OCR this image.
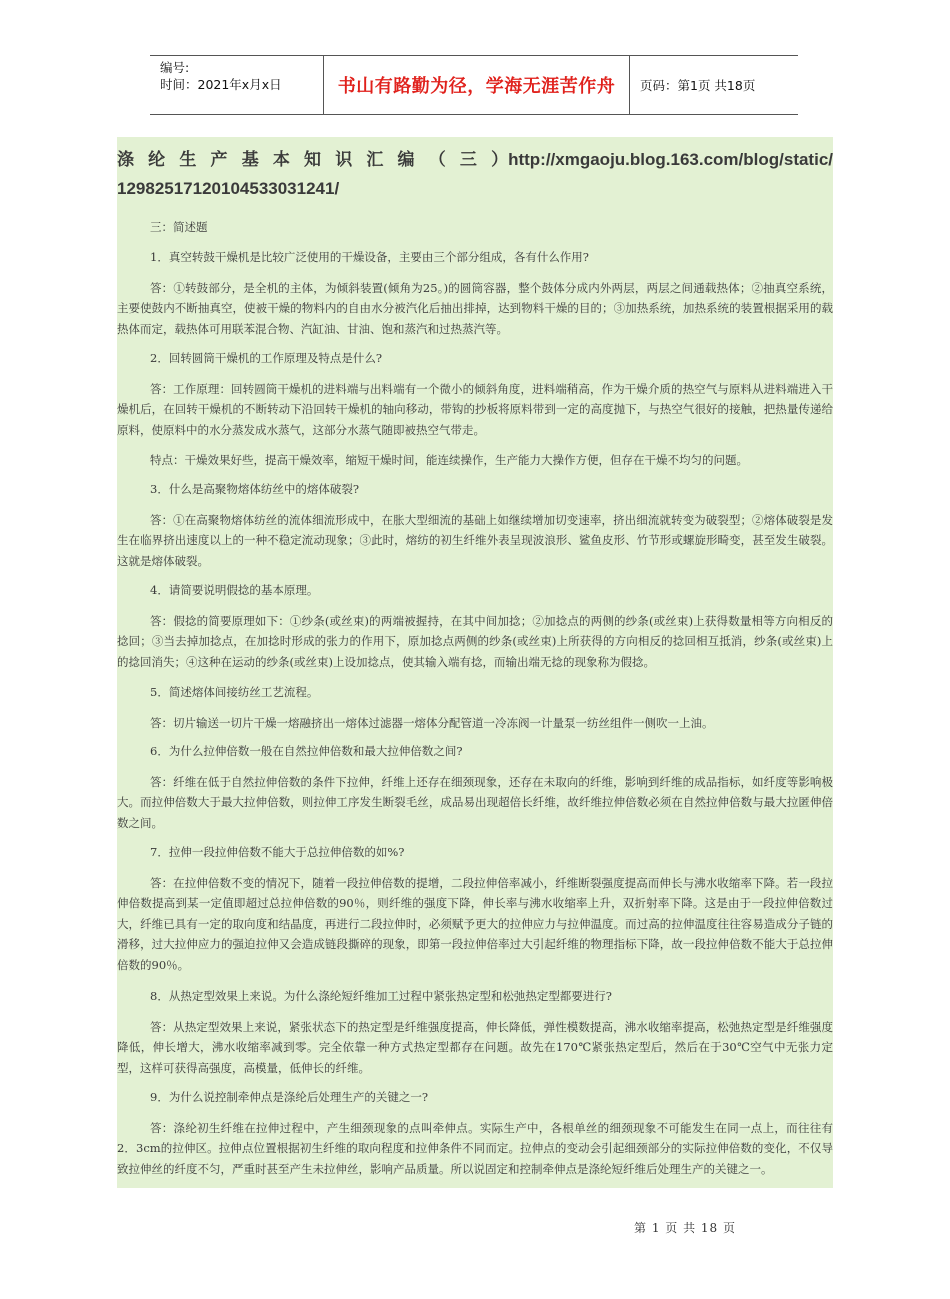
编号:
时间：2021年x月x日	书山有路勤为径，学海无涯苦作舟	页码：第1页 共18页
涤 纶 生 产 基 本 知 识 汇 编 （ 三 ） http://xmgaoju.blog.163.com/blog/static/
12982517120104533031241/
三：简述题
1．真空转鼓干燥机是比较广泛使用的干燥设备，主要由三个部分组成，各有什么作用?
答：①转鼓部分，是全机的主体，为倾斜装置(倾角为25。)的圆筒容器，整个鼓体分成内外两层，两层之间通载热体；②抽真空系统，主要使鼓内不断抽真空，使被干燥的物料内的自由水分被汽化后抽出排掉，达到物料干燥的目的；③加热系统，加热系统的装置根据采用的载热体而定，载热体可用联苯混合物、汽缸油、甘油、饱和蒸汽和过热蒸汽等。
2．回转圆筒干燥机的工作原理及特点是什么?
答：工作原理：回转圆筒干燥机的进料端与出料端有一个微小的倾斜角度，进料端稍高，作为干燥介质的热空气与原料从进料端进入干燥机后，在回转干燥机的不断转动下沿回转干燥机的轴向移动，带钩的抄板将原料带到一定的高度抛下，与热空气很好的接触，把热量传递给原料，使原料中的水分蒸发成水蒸气，这部分水蒸气随即被热空气带走。
特点：干燥效果好些，提高干燥效率，缩短干燥时间，能连续操作，生产能力大操作方便，但存在干燥不均匀的问题。
3．什么是高聚物熔体纺丝中的熔体破裂?
答：①在高聚物熔体纺丝的流体细流形成中，在胀大型细流的基础上如继续增加切变速率，挤出细流就转变为破裂型；②熔体破裂是发生在临界挤出速度以上的一种不稳定流动现象；③此时，熔纺的初生纤维外表呈现波浪形、鲨鱼皮形、竹节形或螺旋形畸变，甚至发生破裂。这就是熔体破裂。
4．请简要说明假捻的基本原理。
答：假捻的简要原理如下：①纱条(或丝束)的两端被握持，在其中间加捻；②加捻点的两侧的纱条(或丝束)上获得数量相等方向相反的捻回；③当去掉加捻点，在加捻时形成的张力的作用下，原加捻点两侧的纱条(或丝束)上所获得的方向相反的捻回相互抵消，纱条(或丝束)上的捻回消失；④这种在运动的纱条(或丝束)上设加捻点，使其输入端有捻，而输出端无捻的现象称为假捻。
5．简述熔体间接纺丝工艺流程。
答：切片输送一切片干燥一熔融挤出一熔体过滤器一熔体分配管道一冷冻阀一计量泵一纺丝组件一侧吹一上油。
6．为什么拉伸倍数一般在自然拉伸倍数和最大拉伸倍数之间?
答：纤维在低于自然拉伸倍数的条件下拉伸，纤维上还存在细颈现象，还存在未取向的纤维，影响到纤维的成品指标，如纤度等影响极大。而拉伸倍数大于最大拉伸倍数，则拉伸工序发生断裂毛丝，成品易出现超倍长纤维，故纤维拉伸倍数必须在自然拉伸倍数与最大拉匿伸倍数之间。
7．拉伸一段拉伸倍数不能大于总拉伸倍数的如%?
答：在拉伸倍数不变的情况下，随着一段拉伸倍数的提增，二段拉伸倍率减小，纤维断裂强度提高而伸长与沸水收缩率下降。若一段拉伸倍数提高到某一定值即超过总拉伸倍数的90％，则纤维的强度下降，伸长率与沸水收缩率上升，双折射率下降。这是由于一段拉伸倍数过大，纤维已具有一定的取向度和结晶度，再进行二段拉伸时，必须赋予更大的拉伸应力与拉伸温度。而过高的拉伸温度往往容易造成分子链的滑移，过大拉伸应力的强迫拉伸又会造成链段撕碎的现象，即第一段拉伸倍率过大引起纤维的物理指标下降，故一段拉伸倍数不能大于总拉伸倍数的90％。
8．从热定型效果上来说。为什么涤纶短纤维加工过程中紧张热定型和松弛热定型都要进行?
答：从热定型效果上来说，紧张状态下的热定型是纤维强度提高，伸长降低，弹性模数提高，沸水收缩率提高，松弛热定型是纤维强度降低，伸长增大，沸水收缩率减到零。完全依靠一种方式热定型都存在问题。故先在170℃紧张热定型后，然后在于30℃空气中无张力定型，这样可获得高强度，高模量，低伸长的纤维。
9．为什么说控制牵伸点是涤纶后处理生产的关键之一?
答：涤纶初生纤维在拉伸过程中，产生细颈现象的点叫牵伸点。实际生产中，各根单丝的细颈现象不可能发生在同一点上，而往往有2．3cm的拉伸区。拉伸点位置根据初生纤维的取向程度和拉伸条件不同而定。拉伸点的变动会引起细颈部分的实际拉伸倍数的变化，不仅导致拉伸丝的纤度不匀，严重时甚至产生未拉伸丝，影响产品质量。所以说固定和控制牵伸点是涤纶短纤维后处理生产的关键之一。
第 1 页 共 18 页
